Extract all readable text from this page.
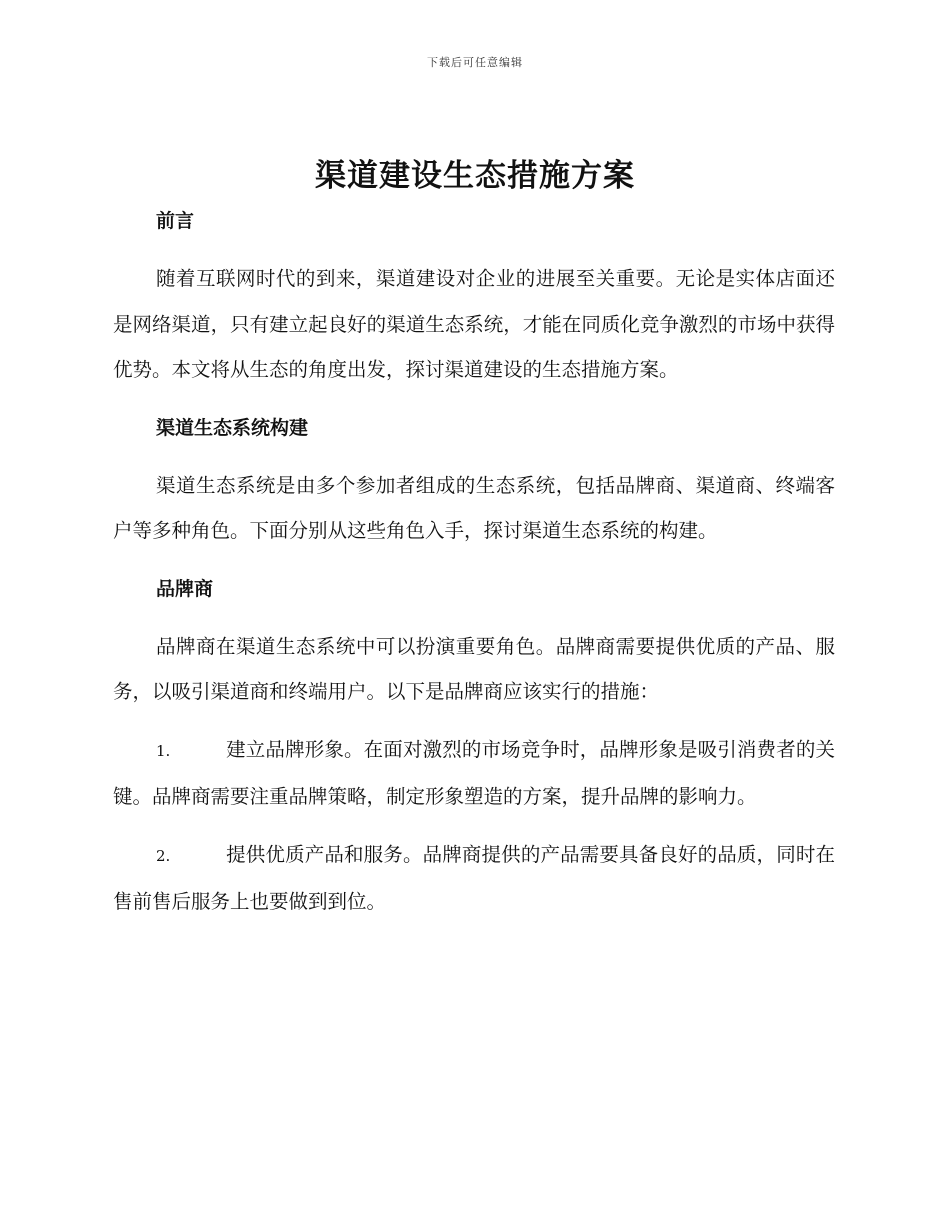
下载后可任意编辑
渠道建设生态措施方案
前言

随着互联网时代的到来，渠道建设对企业的进展至关重要。无论是实体店面还是网络渠道，只有建立起良好的渠道生态系统，才能在同质化竞争激烈的市场中获得优势。本文将从生态的角度出发，探讨渠道建设的生态措施方案。

渠道生态系统构建

渠道生态系统是由多个参加者组成的生态系统，包括品牌商、渠道商、终端客户等多种角色。下面分别从这些角色入手，探讨渠道生态系统的构建。

品牌商

品牌商在渠道生态系统中可以扮演重要角色。品牌商需要提供优质的产品、服务，以吸引渠道商和终端用户。以下是品牌商应该实行的措施：

1.	建立品牌形象。在面对激烈的市场竞争时，品牌形象是吸引消费者的关键。品牌商需要注重品牌策略，制定形象塑造的方案，提升品牌的影响力。

2.	提供优质产品和服务。品牌商提供的产品需要具备良好的品质，同时在售前售后服务上也要做到到位。
